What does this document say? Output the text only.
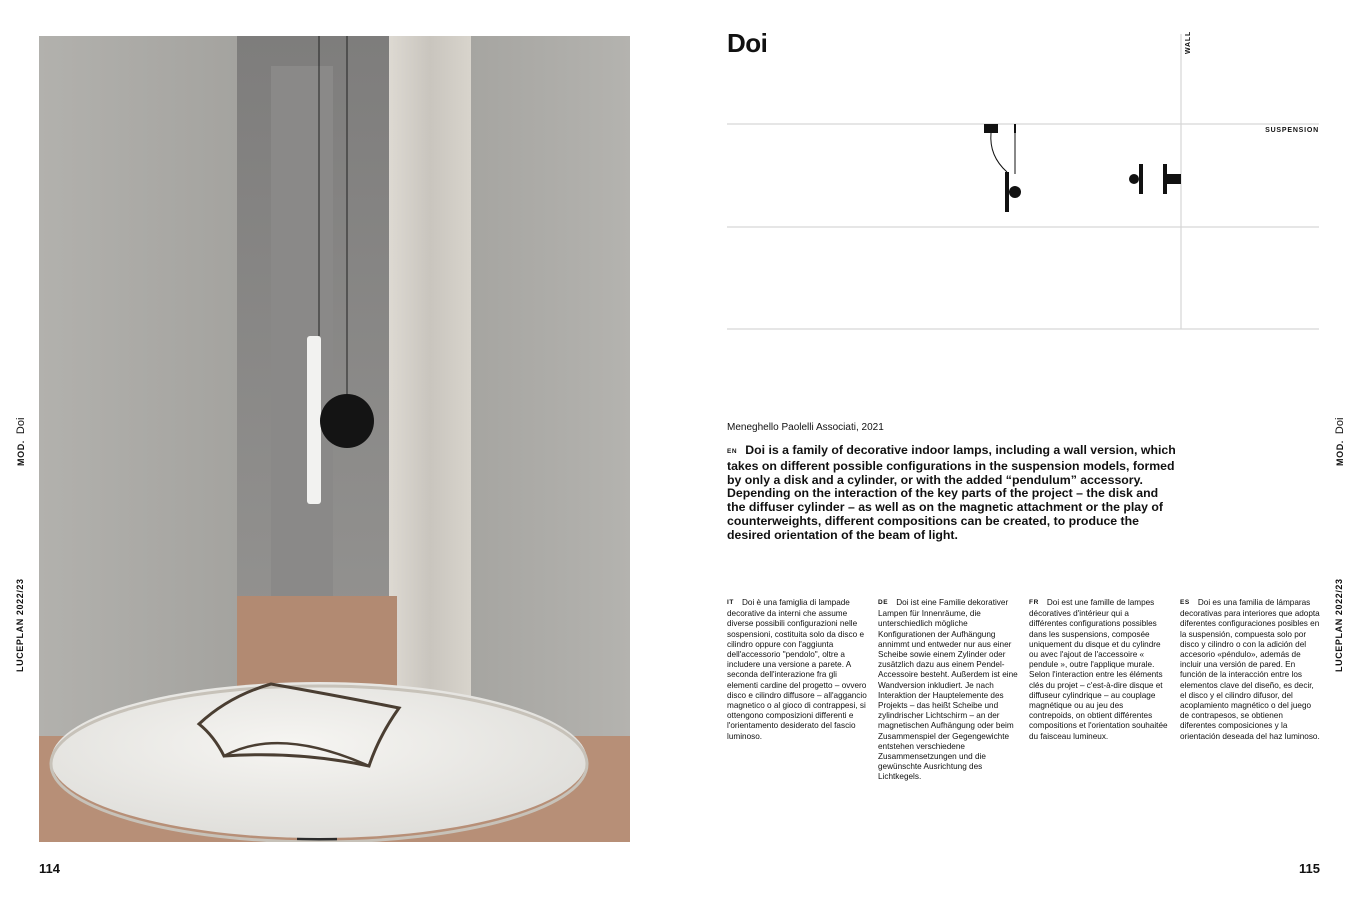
LUCEPLAN 2022/23
MOD.Doi
114
Doi	WALL
SUSPENSION
Meneghello Paolelli Associati, 2021
EN Doi is a family of decorative indoor lamps, including a wall version, which takes on different possible configurations in the suspension models, formed by only a disk and a cylinder, or with the added “pendulum” accessory. Depending on the interaction of the key parts of the project – the disk and the diffuser cylinder – as well as on the magnetic attachment or the play of counterweights, different compositions can be created, to produce the desired orientation of the beam of light.
IT Doi è una famiglia di lampade decorative da interni che assume diverse possibili configurazioni nelle sospensioni, costituita solo da disco e cilindro oppure con l'aggiunta dell'accessorio "pendolo", oltre a includere una versione a parete. A seconda dell'interazione fra gli elementi cardine del progetto – ovvero disco e cilindro diffusore – all'aggancio magnetico o al gioco di contrappesi, si ottengono composizioni differenti e l'orientamento desiderato del fascio luminoso.
DE Doi ist eine Familie dekorativer Lampen für Innenräume, die unterschiedlich mögliche Konfigurationen der Aufhängung annimmt und entweder nur aus einer Scheibe sowie einem Zylinder oder zusätzlich dazu aus einem Pendel-Accessoire besteht. Außerdem ist eine Wandversion inkludiert. Je nach Interaktion der Hauptelemente des Projekts – das heißt Scheibe und zylindrischer Lichtschirm – an der magnetischen Aufhängung oder beim Zusammenspiel der Gegengewichte entstehen verschiedene Zusammensetzungen und die gewünschte Ausrichtung des Lichtkegels.
FR Doi est une famille de lampes décoratives d'intérieur qui a différentes configurations possibles dans les suspensions, composée uniquement du disque et du cylindre ou avec l'ajout de l'accessoire « pendule », outre l'applique murale. Selon l'interaction entre les éléments clés du projet – c'est-à-dire disque et diffuseur cylindrique – au couplage magnétique ou au jeu des contrepoids, on obtient différentes compositions et l'orientation souhaitée du faisceau lumineux.
ES Doi es una familia de lámparas decorativas para interiores que adopta diferentes configuraciones posibles en la suspensión, compuesta solo por disco y cilindro o con la adición del accesorio «péndulo», además de incluir una versión de pared. En función de la interacción entre los elementos clave del diseño, es decir, el disco y el cilindro difusor, del acoplamiento magnético o del juego de contrapesos, se obtienen diferentes composiciones y la orientación deseada del haz luminoso.
115
LUCEPLAN 2022/23
MOD.Doi
